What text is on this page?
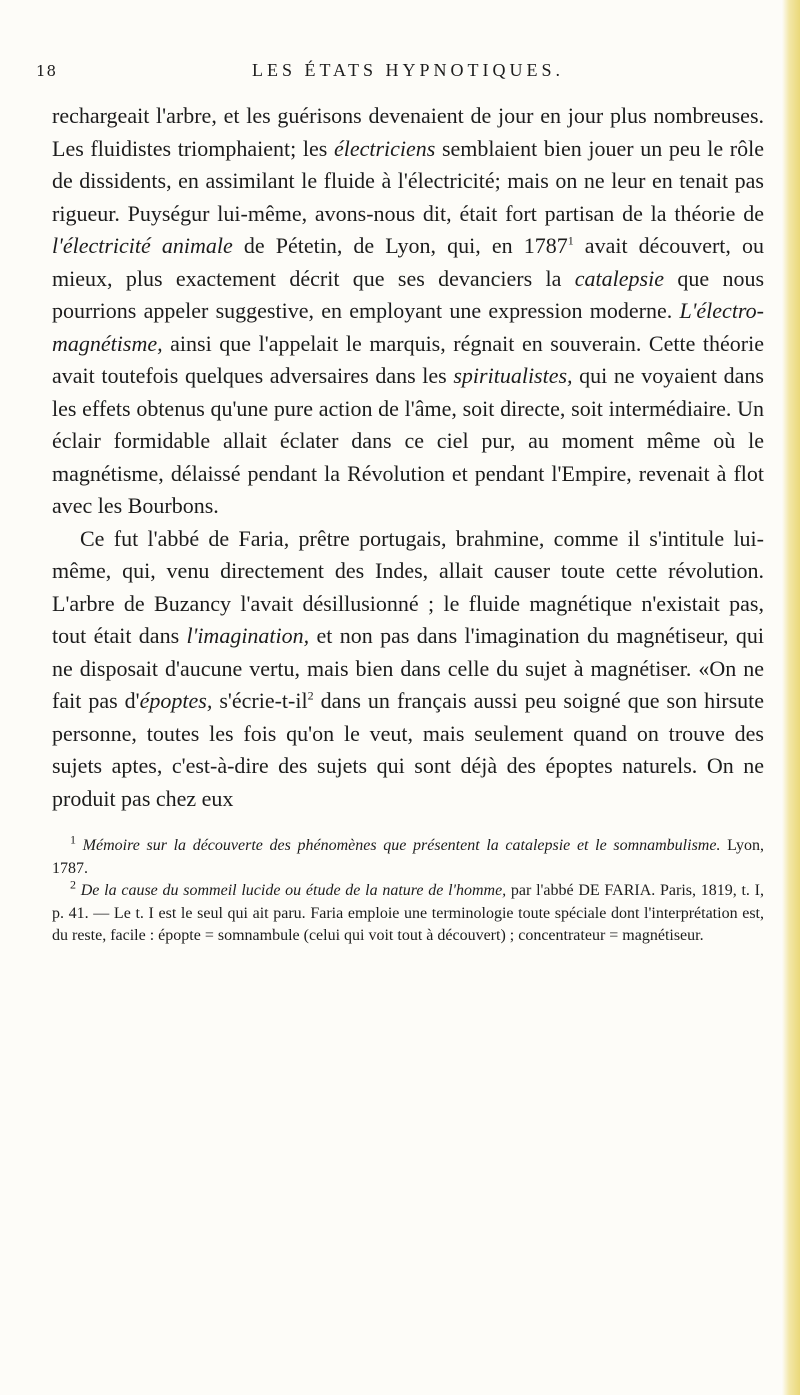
18	LES ÉTATS HYPNOTIQUES.

rechargeait l'arbre, et les guérisons devenaient de jour en jour plus nombreuses. Les fluidistes triomphaient; les électriciens semblaient bien jouer un peu le rôle de dissidents, en assimilant le fluide à l'électricité; mais on ne leur en tenait pas rigueur. Puységur lui-même, avons-nous dit, était fort partisan de la théorie de l'électricité animale de Pétetin, de Lyon, qui, en 1787$^1$ avait découvert, ou mieux, plus exactement décrit que ses devanciers la catalepsie que nous pourrions appeler suggestive, en employant une expression moderne. L'électro-magnétisme, ainsi que l'appelait le marquis, régnait en souverain. Cette théorie avait toutefois quelques adversaires dans les spiritualistes, qui ne voyaient dans les effets obtenus qu'une pure action de l'âme, soit directe, soit intermédiaire. Un éclair formidable allait éclater dans ce ciel pur, au moment même où le magnétisme, délaissé pendant la Révolution et pendant l'Empire, revenait à flot avec les Bourbons.

Ce fut l'abbé de Faria, prêtre portugais, brahmine, comme il s'intitule lui-même, qui, venu directement des Indes, allait causer toute cette révolution. L'arbre de Buzancy l'avait désillusionné ; le fluide magnétique n'existait pas, tout était dans l'imagination, et non pas dans l'imagination du magnétiseur, qui ne disposait d'aucune vertu, mais bien dans celle du sujet à magnétiser. «On ne fait pas d'époptes, $s'écrie-t-il^2$ dans un français aussi peu soigné que son hirsute personne, toutes les fois qu'on le veut, mais seulement quand on trouve des sujets aptes, c'est-à-dire des sujets qui sont déjà des époptes naturels. On ne produit pas chez eux

$^1$ Mémoire sur la découverte des phénomènes que présentent la catalepsie et le somnambulisme. Lyon, 1787.

$^2$ De la cause du sommeil lucide ou étude de la nature de l'homme, par l'abbé DE FARIA. Paris, 1819, t. I, p. 41. — Le t. I est le seul qui ait paru. Faria emploie une terminologie toute spéciale dont l'interprétation est, du reste, facile : épopte = somnambule (celui qui voit tout à découvert) ; concentrateur = magnétiseur.
